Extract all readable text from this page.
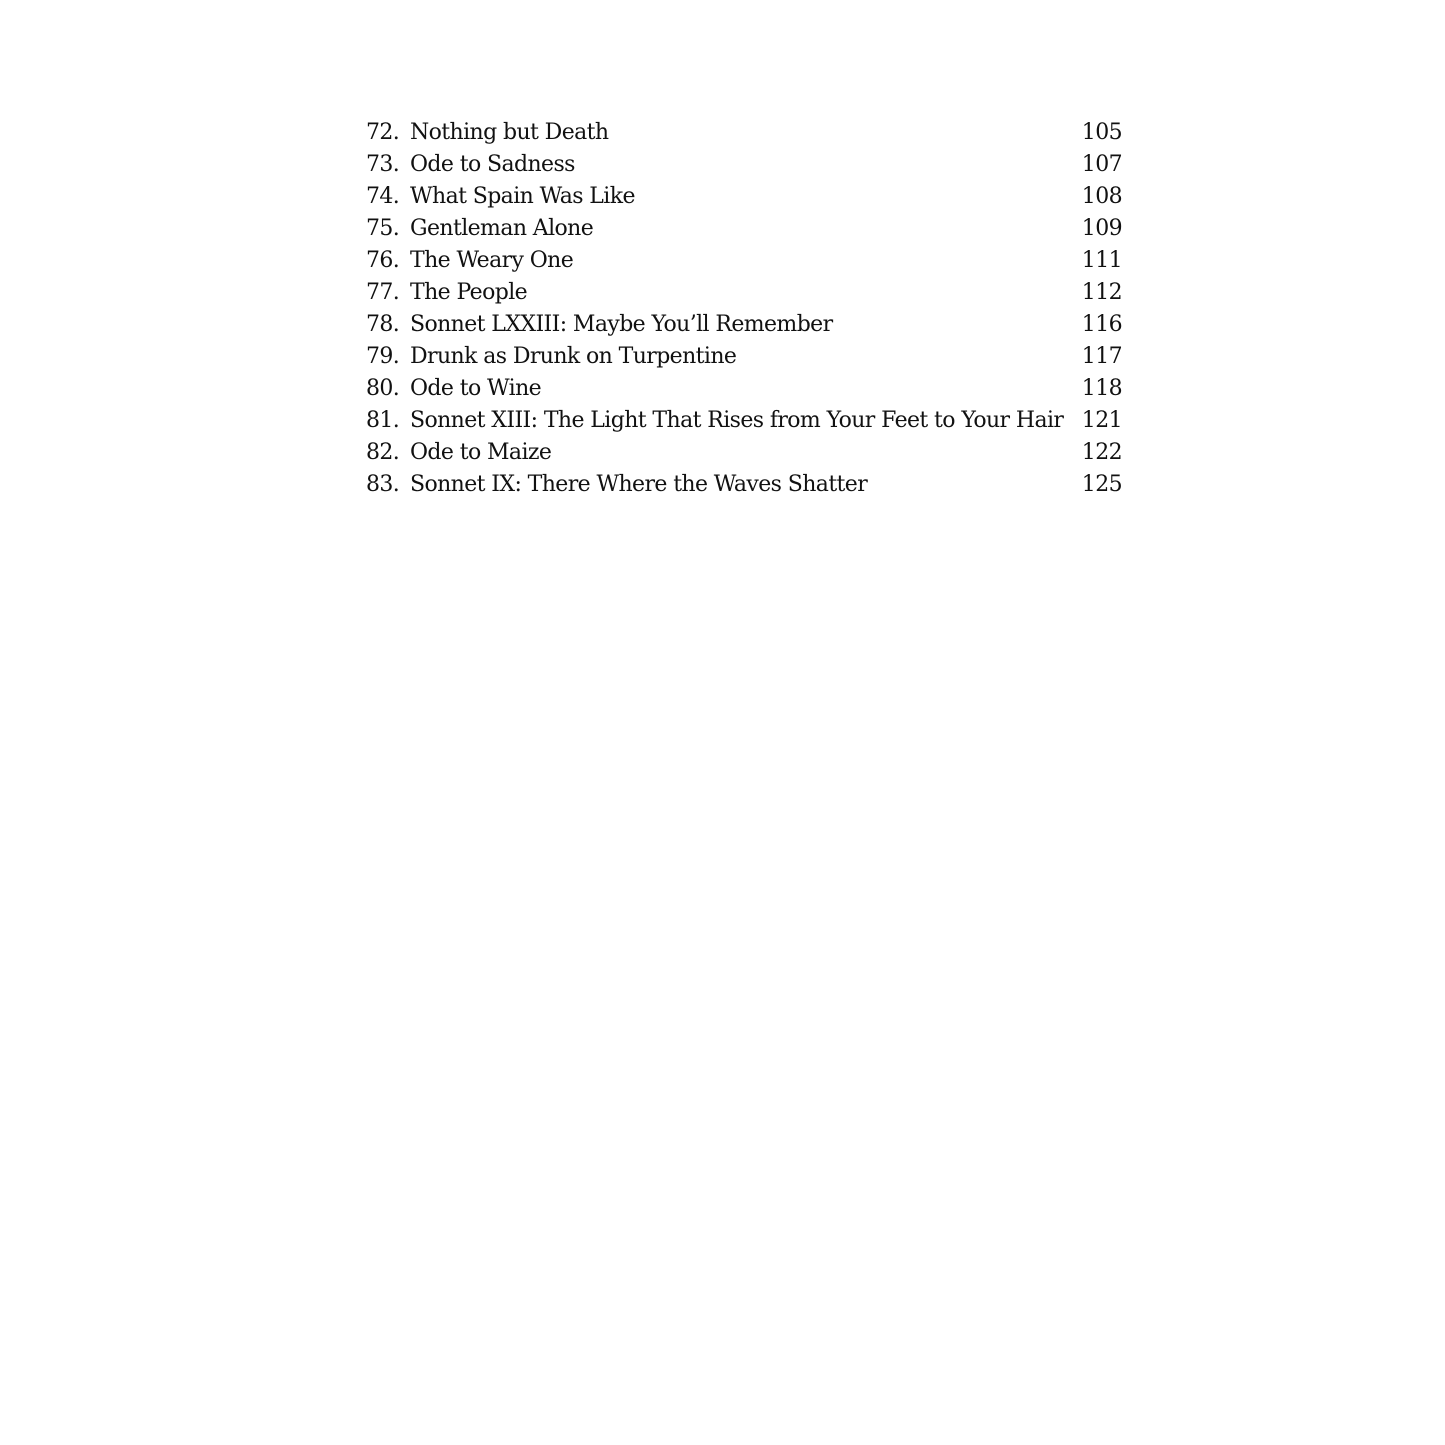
72. Nothing but Death	105
73. Ode to Sadness	107
74. What Spain Was Like	108
75. Gentleman Alone	109
76. The Weary One	111
77. The People	112
78. Sonnet LXXIII: Maybe You’ll Remember	116
79. Drunk as Drunk on Turpentine	117
80. Ode to Wine	118
81. Sonnet XIII: The Light That Rises from Your Feet to Your Hair 121
82. Ode to Maize	122
83. Sonnet IX: There Where the Waves Shatter	125
